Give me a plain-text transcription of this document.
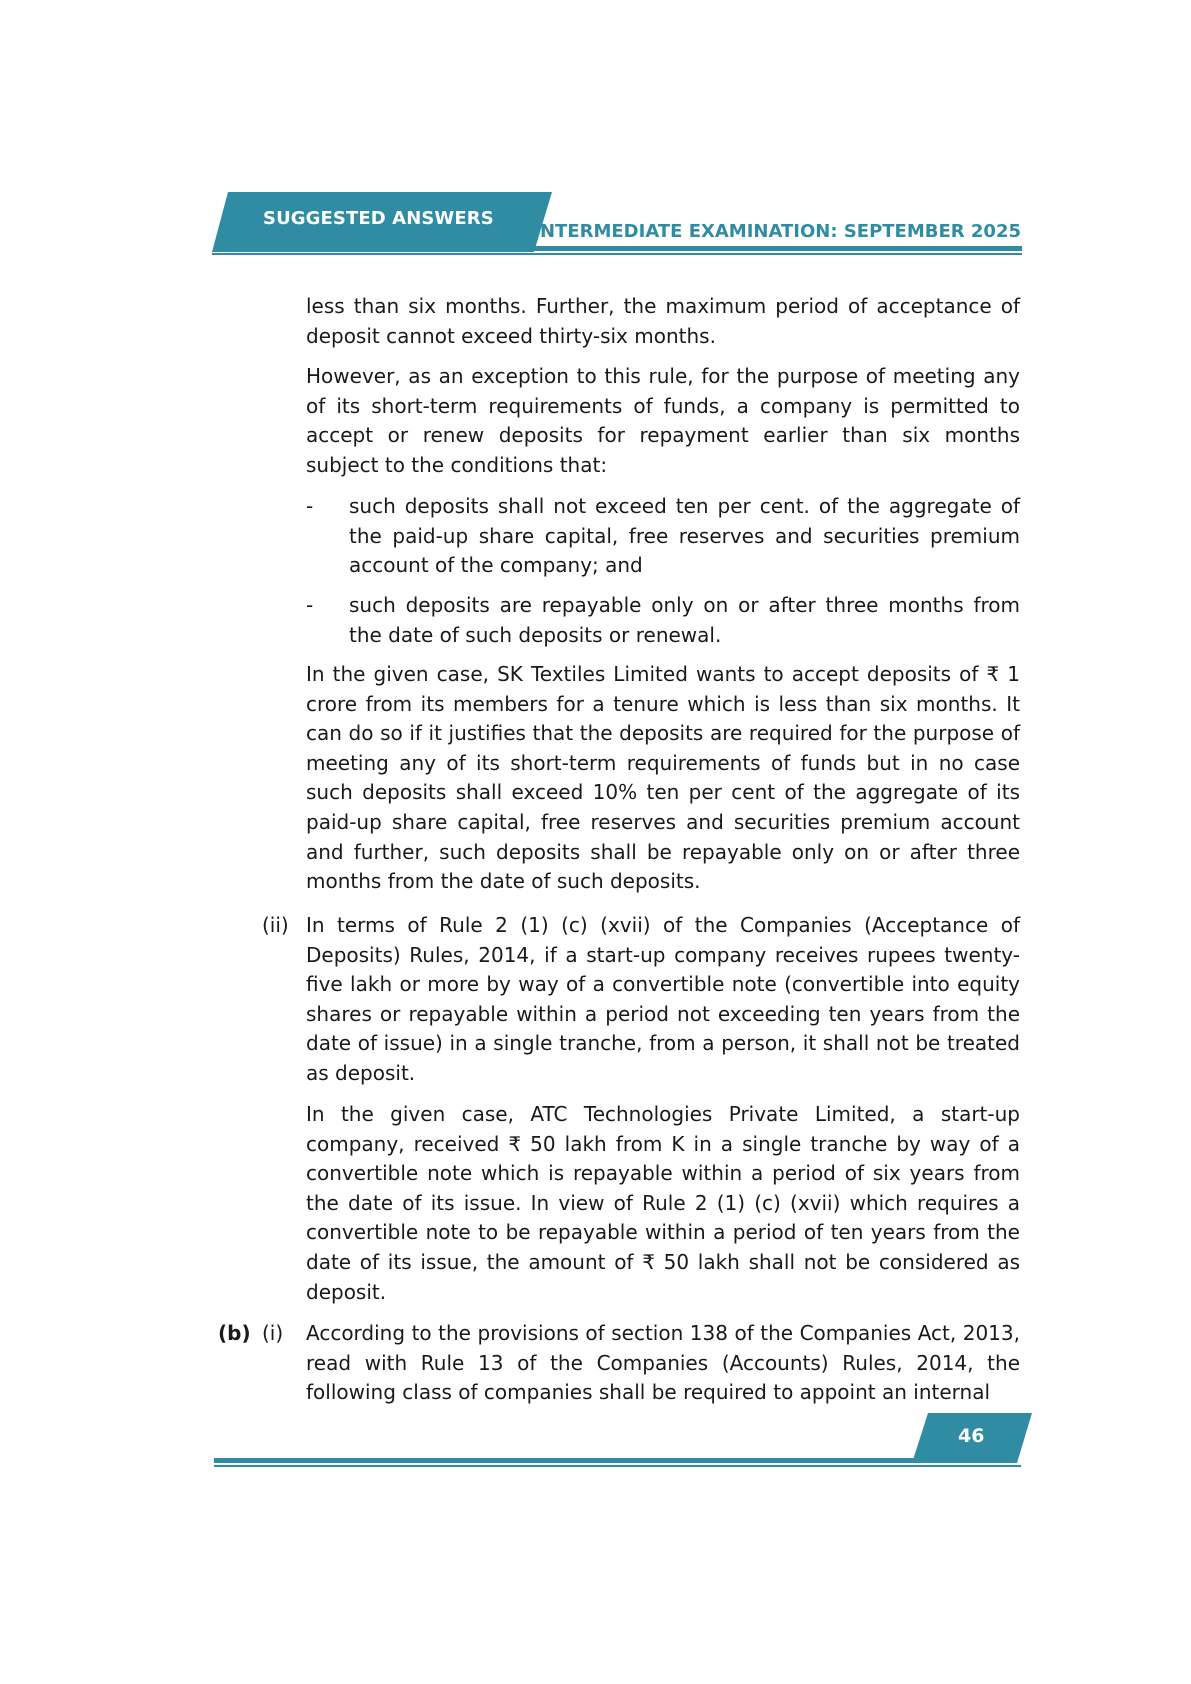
SUGGESTED ANSWERS
INTERMEDIATE EXAMINATION: SEPTEMBER 2025
less than six months. Further, the maximum period of acceptance of deposit cannot exceed thirty-six months.
However, as an exception to this rule, for the purpose of meeting any of its short-term requirements of funds, a company is permitted to accept or renew deposits for repayment earlier than six months subject to the conditions that:
-	such deposits shall not exceed ten per cent. of the aggregate of the paid-up share capital, free reserves and securities premium account of the company; and
-	such deposits are repayable only on or after three months from the date of such deposits or renewal.
In the given case, SK Textiles Limited wants to accept deposits of ₹ 1 crore from its members for a tenure which is less than six months. It can do so if it justifies that the deposits are required for the purpose of meeting any of its short-term requirements of funds but in no case such deposits shall exceed 10% ten per cent of the aggregate of its paid-up share capital, free reserves and securities premium account and further, such deposits shall be repayable only on or after three months from the date of such deposits.
(ii) In terms of Rule 2 (1) (c) (xvii) of the Companies (Acceptance of Deposits) Rules, 2014, if a start-up company receives rupees twenty-five lakh or more by way of a convertible note (convertible into equity shares or repayable within a period not exceeding ten years from the date of issue) in a single tranche, from a person, it shall not be treated as deposit.
In the given case, ATC Technologies Private Limited, a start-up company, received ₹ 50 lakh from K in a single tranche by way of a convertible note which is repayable within a period of six years from the date of its issue. In view of Rule 2 (1) (c) (xvii) which requires a convertible note to be repayable within a period of ten years from the date of its issue, the amount of ₹ 50 lakh shall not be considered as deposit.
(b) (i) According to the provisions of section 138 of the Companies Act, 2013, read with Rule 13 of the Companies (Accounts) Rules, 2014, the following class of companies shall be required to appoint an internal
46
